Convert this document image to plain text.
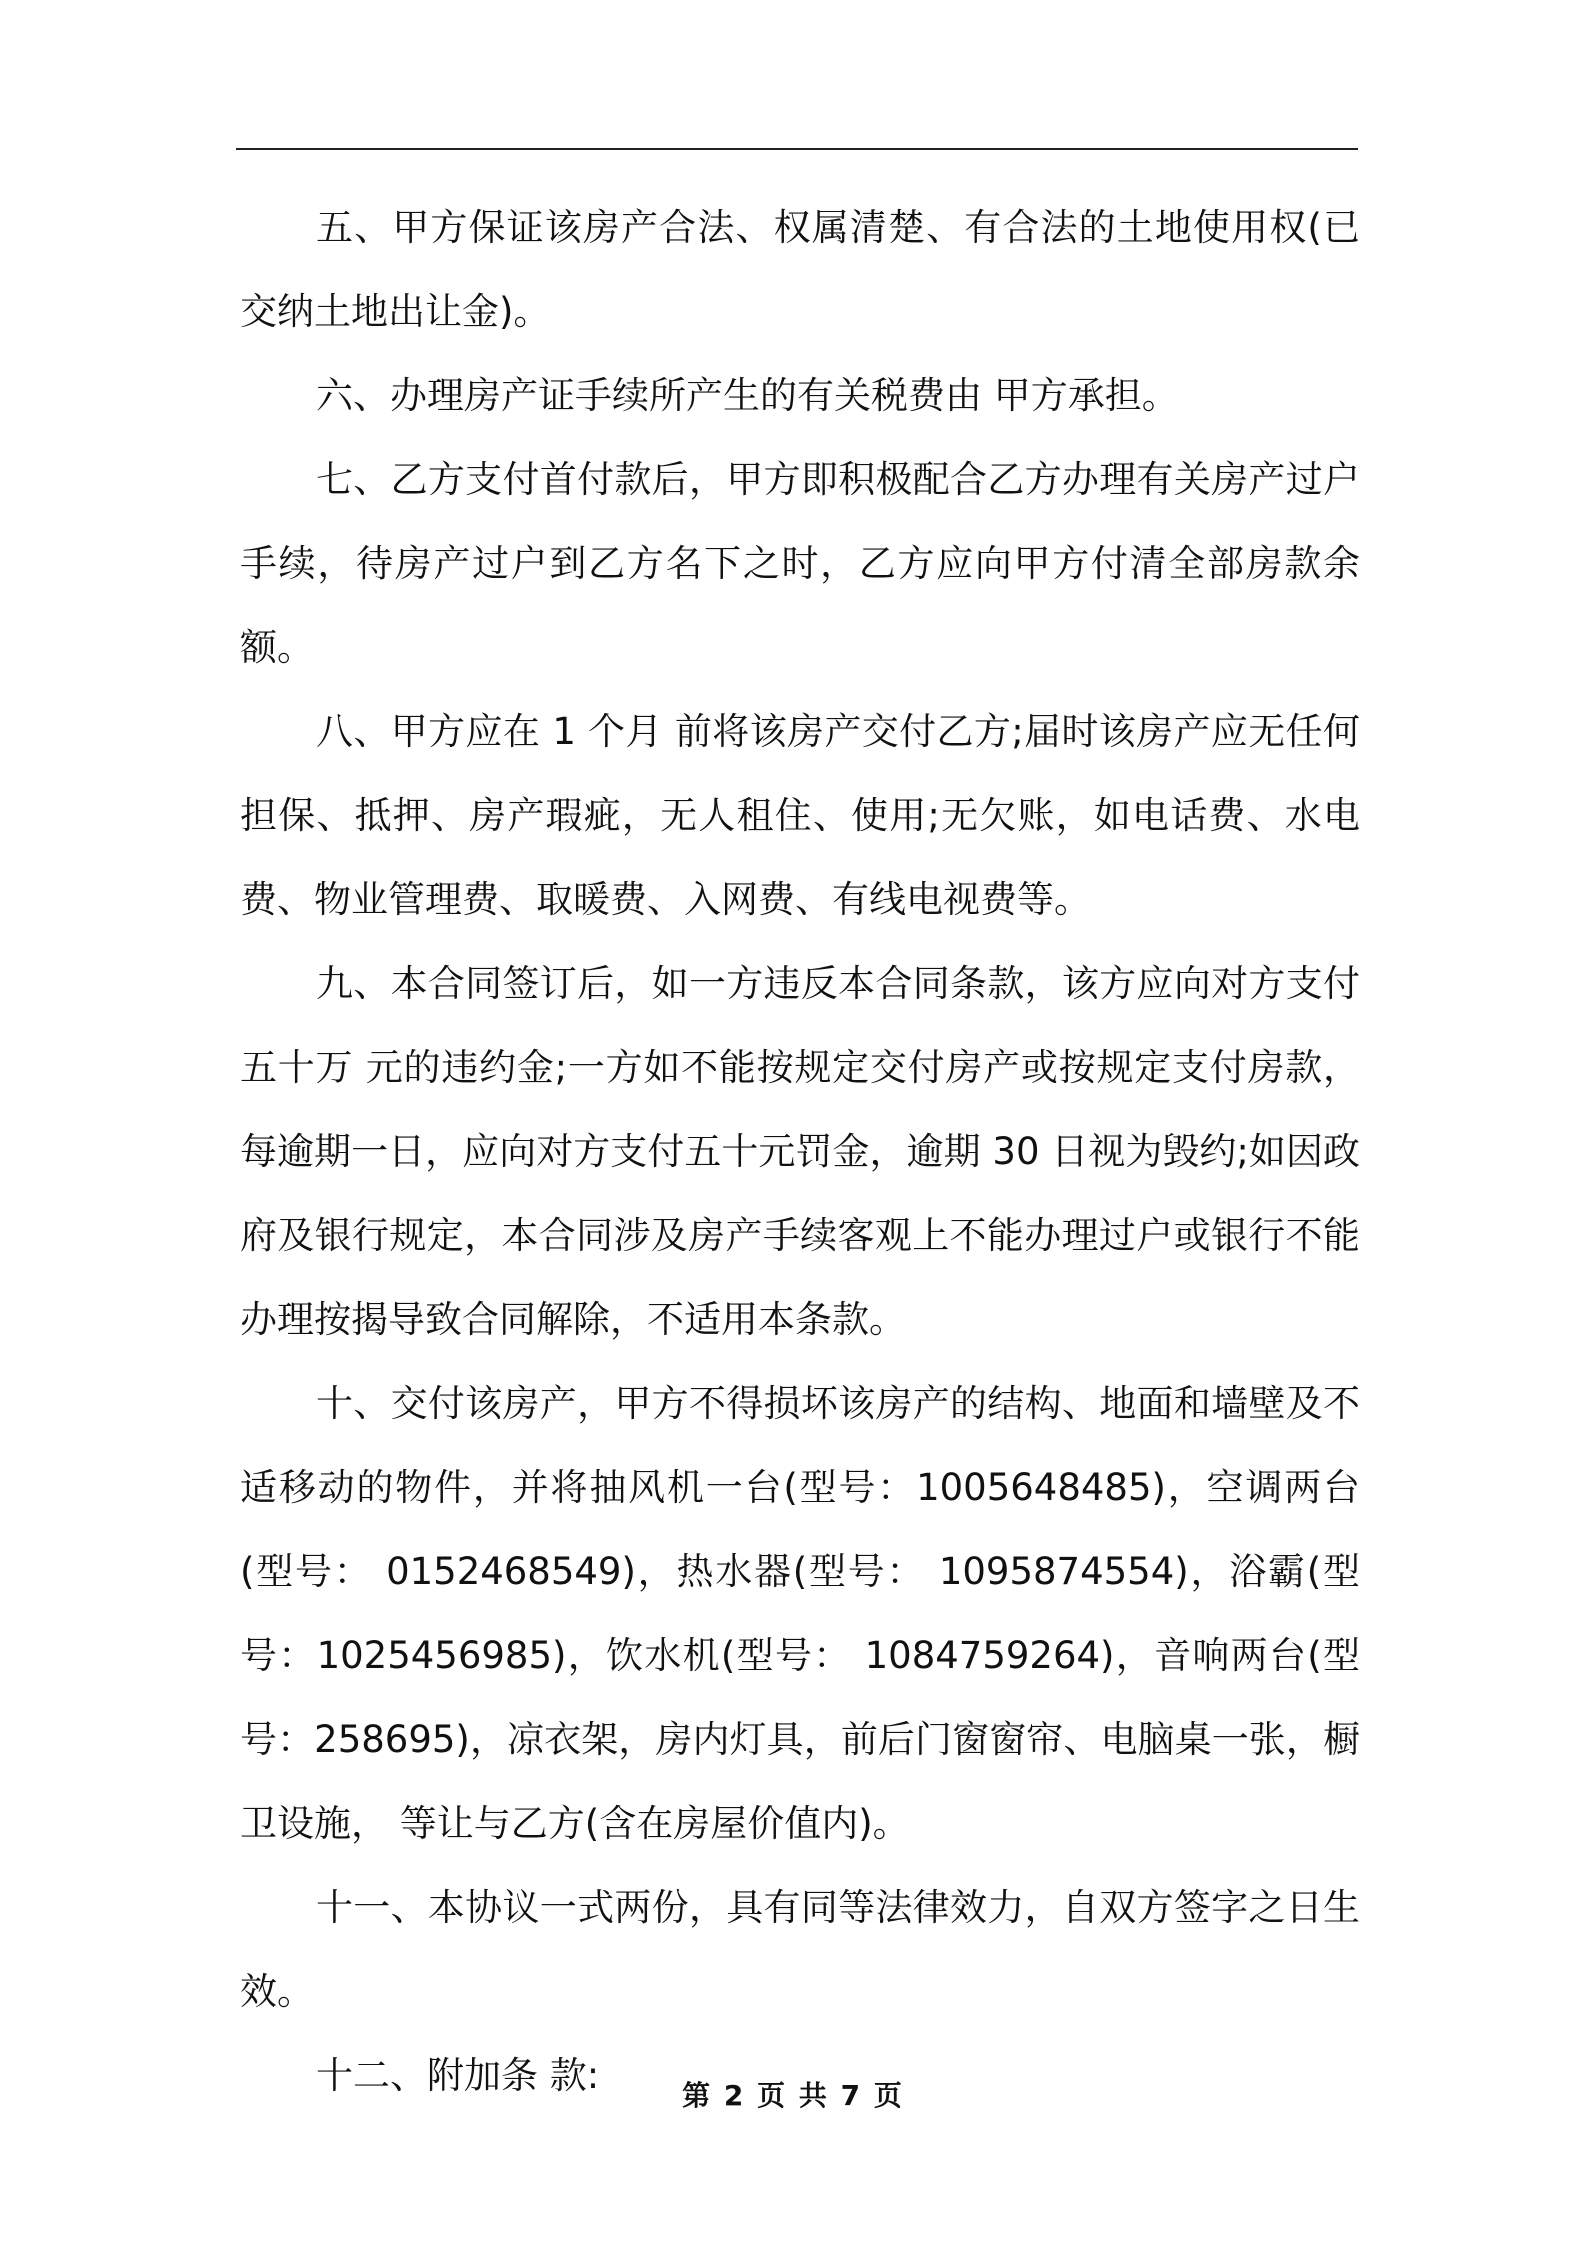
五、甲方保证该房产合法、权属清楚、有合法的土地使用权(已交纳土地出让金)。

六、办理房产证手续所产生的有关税费由 甲方承担。

七、乙方支付首付款后，甲方即积极配合乙方办理有关房产过户手续，待房产过户到乙方名下之时，乙方应向甲方付清全部房款余额。

八、甲方应在 1 个月 前将该房产交付乙方;届时该房产应无任何担保、抵押、房产瑕疵，无人租住、使用;无欠账，如电话费、水电费、物业管理费、取暖费、入网费、有线电视费等。

九、本合同签订后，如一方违反本合同条款，该方应向对方支付五十万 元的违约金;一方如不能按规定交付房产或按规定支付房款，每逾期一日，应向对方支付五十元罚金，逾期 30 日视为毁约;如因政府及银行规定，本合同涉及房产手续客观上不能办理过户或银行不能办理按揭导致合同解除，不适用本条款。

十、交付该房产，甲方不得损坏该房产的结构、地面和墙壁及不适移动的物件，并将抽风机一台(型号：1005648485)，空调两台(型号： 0152468549)，热水器(型号： 1095874554)，浴霸(型号：1025456985)，饮水机(型号： 1084759264)，音响两台(型号：258695)，凉衣架，房内灯具，前后门窗窗帘、电脑桌一张，橱卫设施， 等让与乙方(含在房屋价值内)。

十一、本协议一式两份，具有同等法律效力，自双方签字之日生效。

十二、附加条 款:	第 2 页 共 7 页
